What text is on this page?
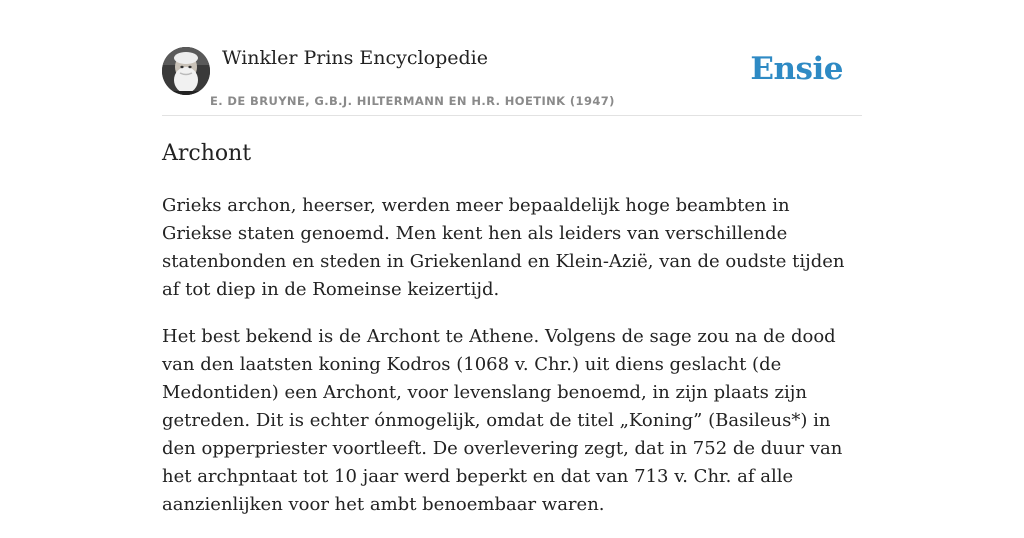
Winkler Prins Encyclopedie
E. DE BRUYNE, G.B.J. HILTERMANN EN H.R. HOETINK (1947)
Ensie
Archont

Grieks archon, heerser, werden meer bepaaldelijk hoge beambten in Griekse staten genoemd. Men kent hen als leiders van verschillende statenbonden en steden in Griekenland en Klein-Azië, van de oudste tijden af tot diep in de Romeinse keizertijd.

Het best bekend is de Archont te Athene. Volgens de sage zou na de dood van den laatsten koning Kodros (1068 v. Chr.) uit diens geslacht (de Medontiden) een Archont, voor levenslang benoemd, in zijn plaats zijn getreden. Dit is echter ónmogelijk, omdat de titel „Koning” (Basileus*) in den opperpriester voortleeft. De overlevering zegt, dat in 752 de duur van het archpntaat tot 10 jaar werd beperkt en dat van 713 v. Chr. af alle aanzienlijken voor het ambt benoembaar waren.
